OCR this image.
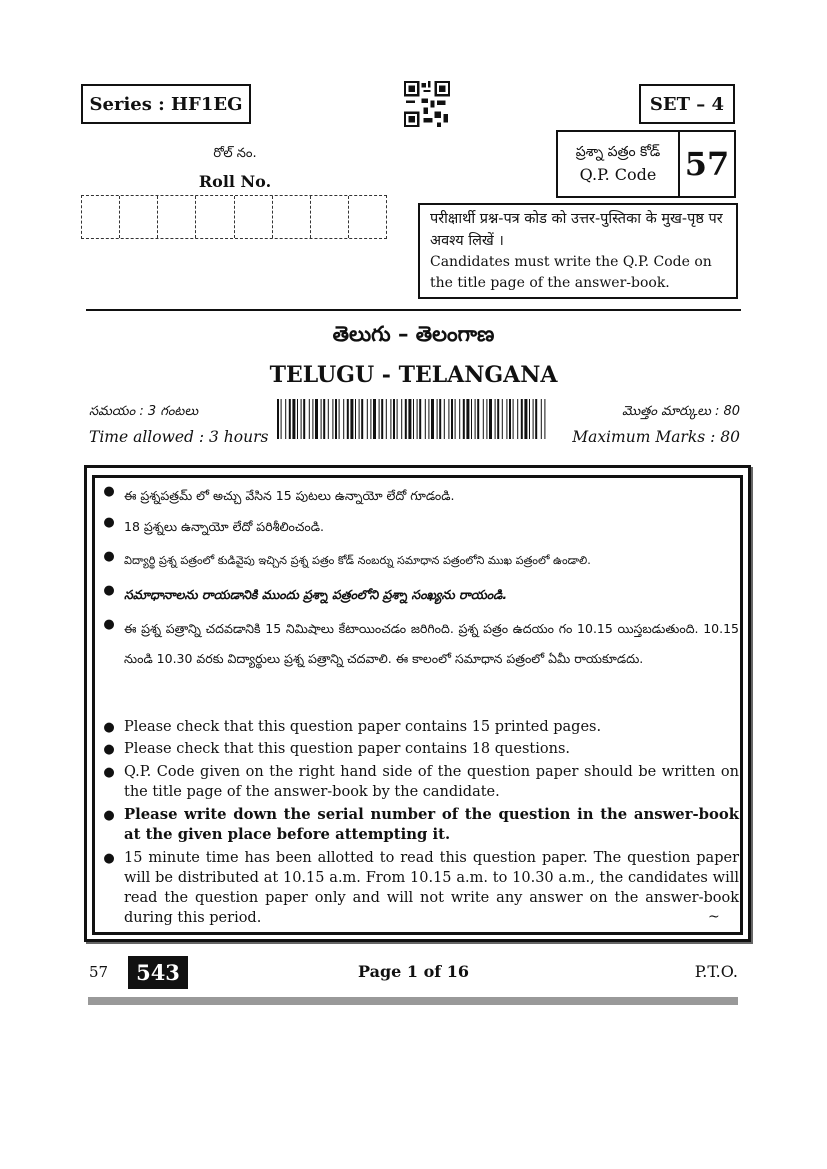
Series : HF1EG	SET – 4
ప్రశ్నా పత్రం కోడ్
Q.P. Code 57
రోల్ నం.
Roll No.
परीक्षार्थी प्रश्न-पत्र कोड को उत्तर-पुस्तिका के मुख-पृष्ठ पर अवश्य लिखें ।
Candidates must write the Q.P. Code on the title page of the answer-book.
తెలుగు – తెలంగాణ
TELUGU - TELANGANA
సమయం : 3 గంటలు
Time allowed : 3 hours
మొత్తం మార్కులు : 80
Maximum Marks : 80
● ఈ ప్రశ్నపత్రమ్ లో అచ్చు వేసిన 15 పుటలు ఉన్నాయో లేదో గూడండి.
● 18 ప్రశ్నలు ఉన్నాయో లేదో పరిశీలించండి.
● విద్యార్థి ప్రశ్న పత్రంలో కుడివైపు ఇచ్చిన ప్రశ్న పత్రం కోడ్ నంబర్ను సమాధాన పత్రంలోని ముఖ పత్రంలో ఉండాలి.
● సమాధానాలను రాయడానికి ముందు ప్రశ్నా పత్రంలోని ప్రశ్నా సంఖ్యను రాయండి.
● ఈ ప్రశ్న పత్రాన్ని చదవడానికి 15 నిమిషాలు కేటాయించడం జరిగింది. ప్రశ్న పత్రం ఉదయం గం 10.15 యిస్తబడుతుంది. 10.15 నుండి 10.30 వరకు విద్యార్థులు ప్రశ్న పత్రాన్ని చదవాలి. ఈ కాలంలో సమాధాన పత్రంలో ఏమీ రాయకూడదు.
● Please check that this question paper contains 15 printed pages.
● Please check that this question paper contains 18 questions.
● Q.P. Code given on the right hand side of the question paper should be written on the title page of the answer-book by the candidate.
● Please write down the serial number of the question in the answer-book at the given place before attempting it.
● 15 minute time has been allotted to read this question paper. The question paper will be distributed at 10.15 a.m. From 10.15 a.m. to 10.30 a.m., the candidates will read the question paper only and will not write any answer on the answer-book during this period.	~
57 543	Page 1 of 16	P.T.O.
